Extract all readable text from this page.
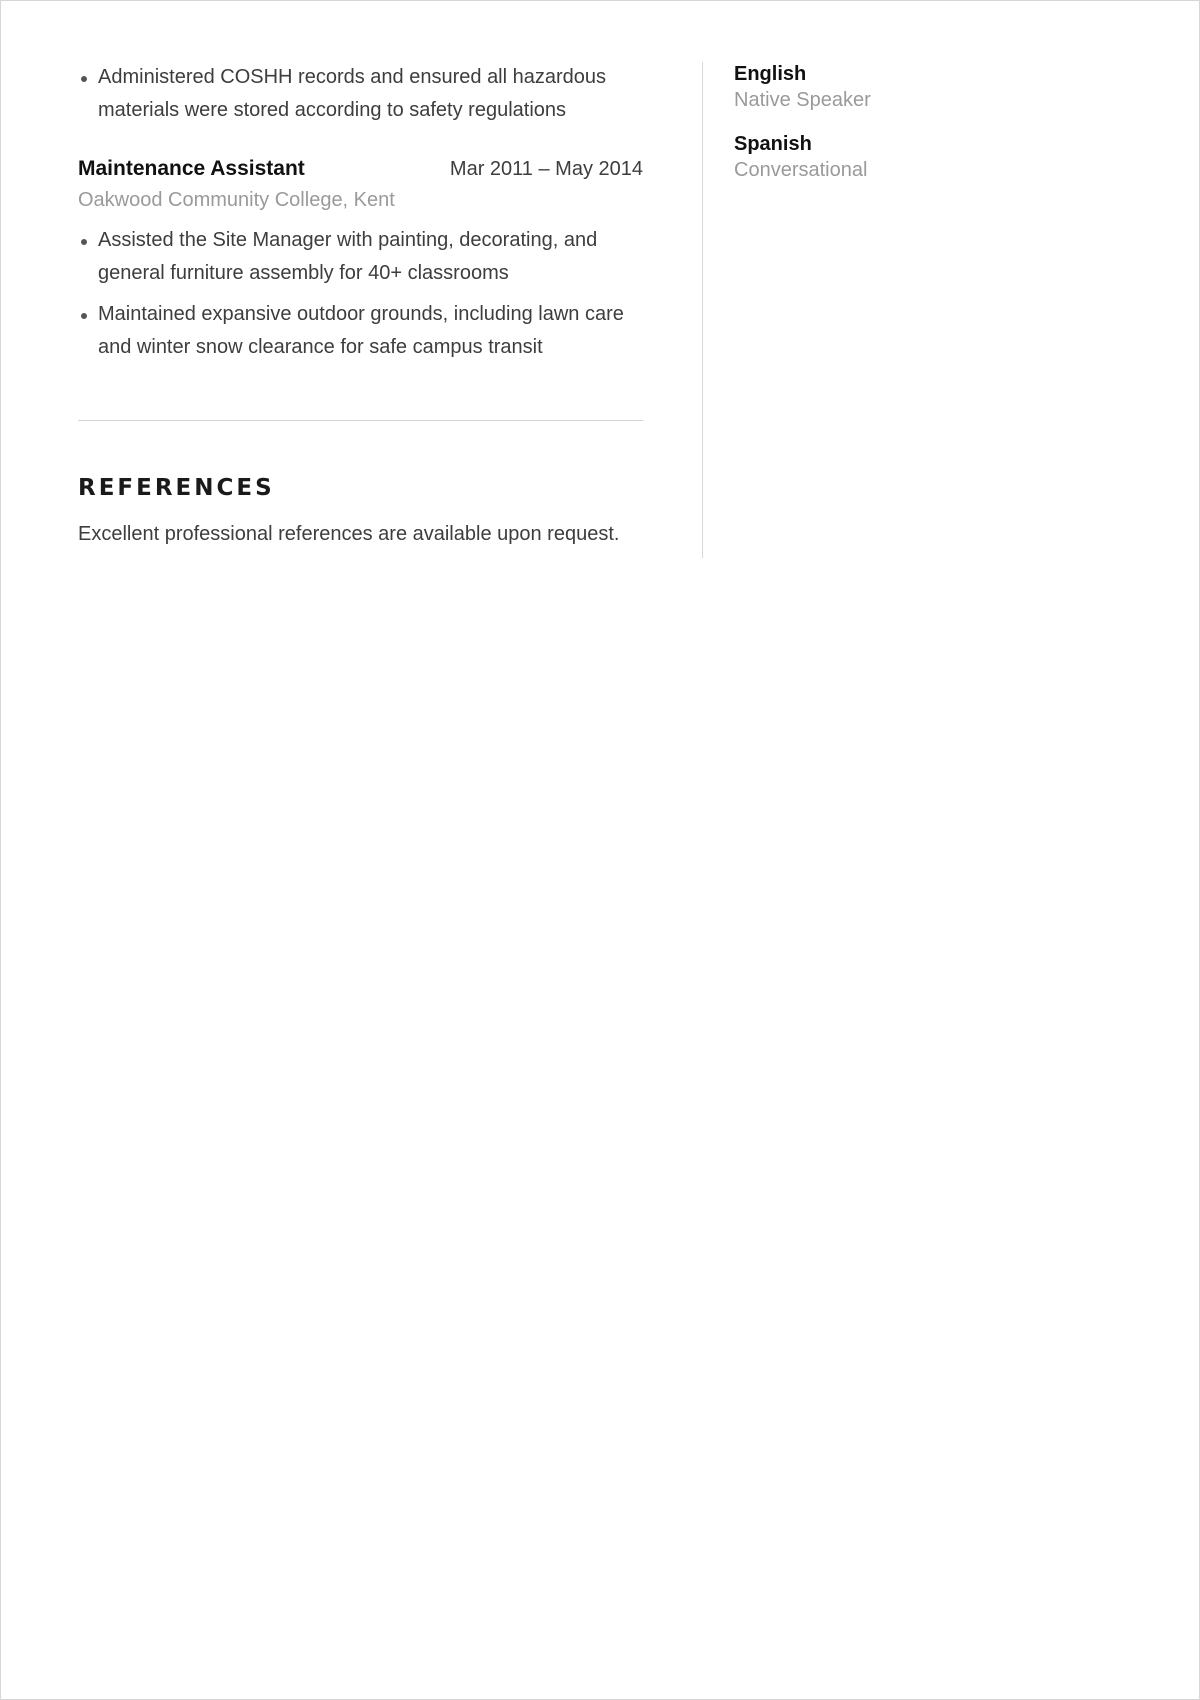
Administered COSHH records and ensured all hazardous materials were stored according to safety regulations
Maintenance Assistant	Mar 2011 – May 2014
Oakwood Community College, Kent
Assisted the Site Manager with painting, decorating, and general furniture assembly for 40+ classrooms
Maintained expansive outdoor grounds, including lawn care and winter snow clearance for safe campus transit
REFERENCES
Excellent professional references are available upon request.
English
Native Speaker
Spanish
Conversational
